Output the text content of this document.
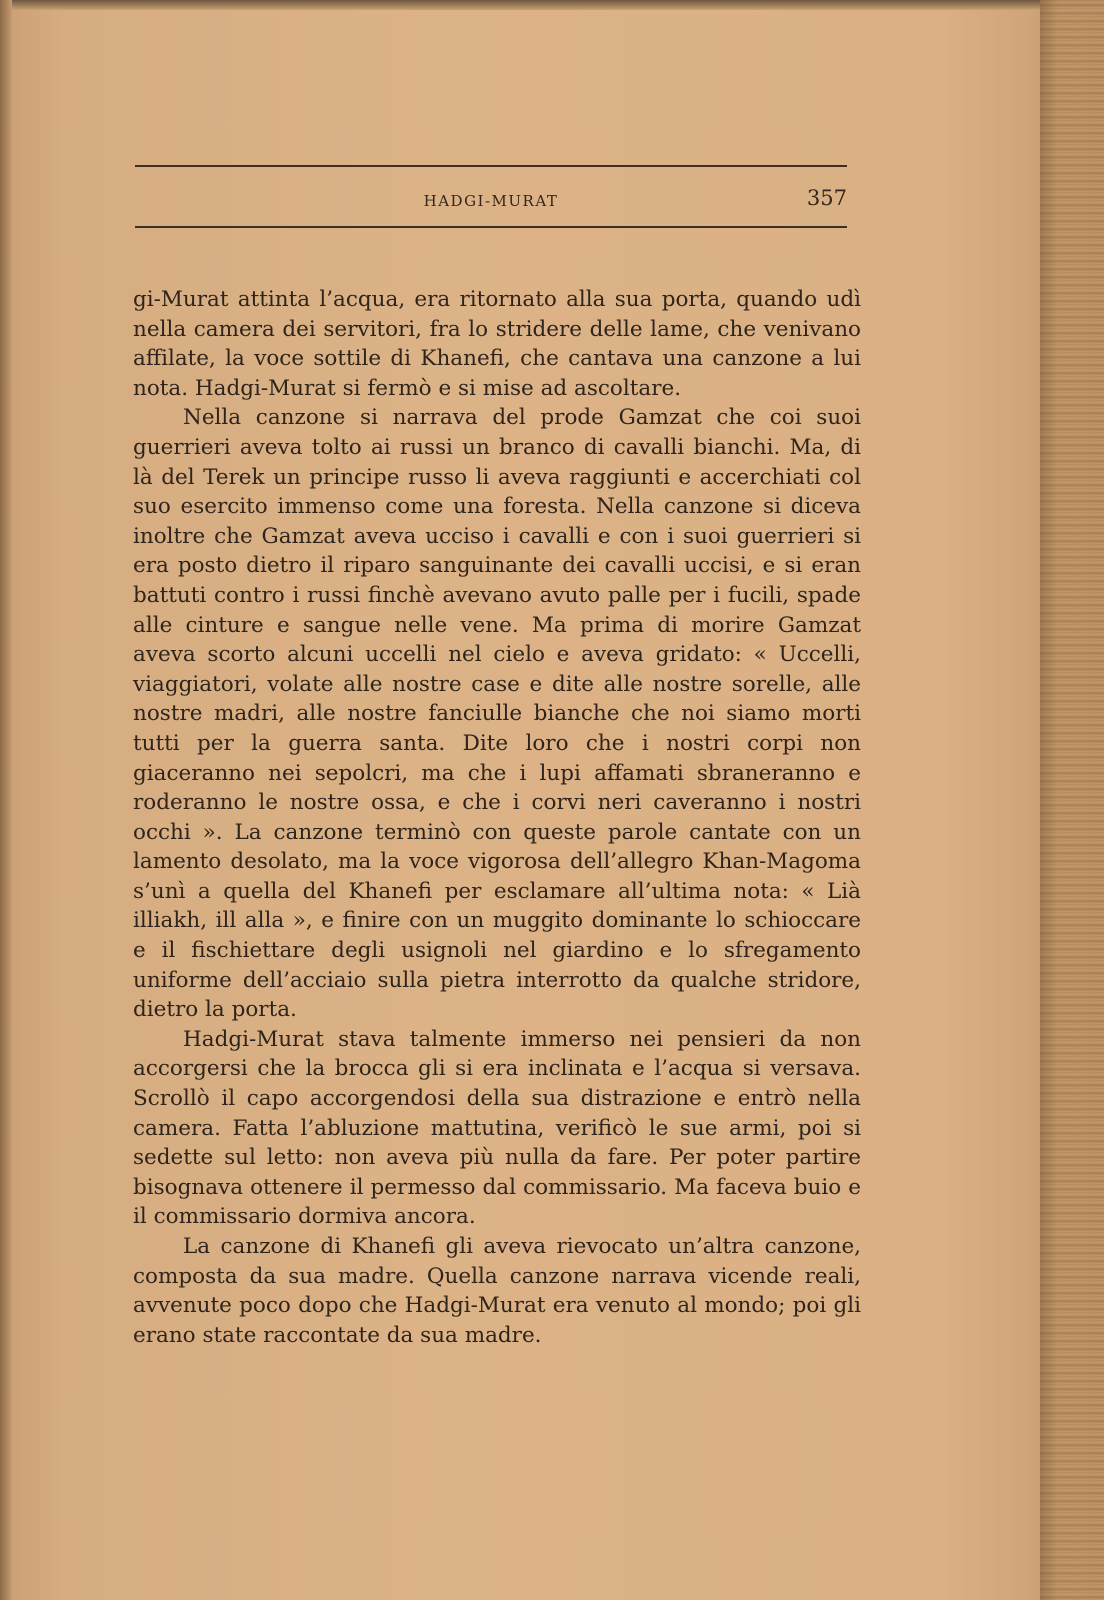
HADGI-MURAT	357

gi-Murat attinta l’acqua, era ritornato alla sua porta, quando udì nella camera dei servitori, fra lo stridere delle lame, che venivano affilate, la voce sottile di Khanefi, che cantava una canzone a lui nota. Hadgi-Murat si fermò e si mise ad ascoltare.

Nella canzone si narrava del prode Gamzat che coi suoi guerrieri aveva tolto ai russi un branco di cavalli bianchi. Ma, di là del Terek un principe russo li aveva raggiunti e accerchiati col suo esercito immenso come una foresta. Nella canzone si diceva inoltre che Gamzat aveva ucciso i cavalli e con i suoi guerrieri si era posto dietro il riparo sanguinante dei cavalli uccisi, e si eran battuti contro i russi finchè avevano avuto palle per i fucili, spade alle cinture e sangue nelle vene. Ma prima di morire Gamzat aveva scorto alcuni uccelli nel cielo e aveva gridato: « Uccelli, viaggiatori, volate alle nostre case e dite alle nostre sorelle, alle nostre madri, alle nostre fanciulle bianche che noi siamo morti tutti per la guerra santa. Dite loro che i nostri corpi non giaceranno nei sepolcri, ma che i lupi affamati sbraneranno e roderanno le nostre ossa, e che i corvi neri caveranno i nostri occhi ». La canzone terminò con queste parole cantate con un lamento desolato, ma la voce vigorosa dell’allegro Khan-Magoma s’unì a quella del Khanefi per esclamare all’ultima nota: « Lià illiakh, ill alla », e finire con un muggito dominante lo schioccare e il fischiettare degli usignoli nel giardino e lo sfregamento uniforme dell’acciaio sulla pietra interrotto da qualche stridore, dietro la porta.

Hadgi-Murat stava talmente immerso nei pensieri da non accorgersi che la brocca gli si era inclinata e l’acqua si versava. Scrollò il capo accorgendosi della sua distrazione e entrò nella camera. Fatta l’abluzione mattutina, verificò le sue armi, poi si sedette sul letto: non aveva più nulla da fare. Per poter partire bisognava ottenere il permesso dal commissario. Ma faceva buio e il commissario dormiva ancora.

La canzone di Khanefi gli aveva rievocato un’altra canzone, composta da sua madre. Quella canzone narrava vicende reali, avvenute poco dopo che Hadgi-Murat era venuto al mondo; poi gli erano state raccontate da sua madre.
